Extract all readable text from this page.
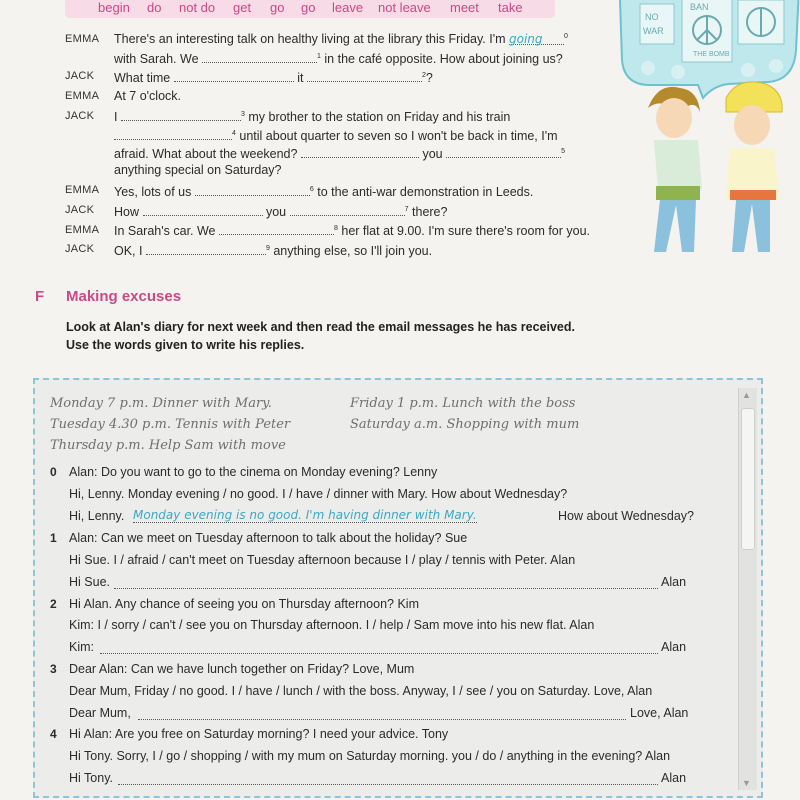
begin do not do get go go leave not leave meet take
EMMA There's an interesting talk on healthy living at the library this Friday. I'm going	$^0$
with Sarah. We	$^1$ in the café opposite. How about joining us?
JACK What time	it	$^2$?
EMMA At 7 o'clock.
JACK I	$^3$ my brother to the station on Friday and his train
$^4$ until about quarter to seven so I won't be back in time, I'm
afraid. What about the weekend?	you	$^5$
anything special on Saturday?
EMMA Yes, lots of us	$^6$ to the anti-war demonstration in Leeds.
JACK How	you	$^7$ there?
EMMA In Sarah's car. We	$^8$ her flat at 9.00. I'm sure there's room for you.
JACK OK, I	$^9$ anything else, so I'll join you.
NO
WAR
BAN
THE BOMB
F Making excuses
Look at Alan's diary for next week and then read the email messages he has received.
Use the words given to write his replies.
▲
▼
Monday 7 p.m. Dinner with Mary.
Tuesday 4.30 p.m. Tennis with Peter
Thursday p.m. Help Sam with move
Friday 1 p.m. Lunch with the boss
Saturday a.m. Shopping with mum
0 Alan: Do you want to go to the cinema on Monday evening? Lenny
Hi, Lenny. Monday evening / no good. I / have / dinner with Mary. How about Wednesday?
Hi, Lenny. Monday evening is no good. I'm having dinner with Mary.	How about Wednesday?
1 Alan: Can we meet on Tuesday afternoon to talk about the holiday? Sue
Hi Sue. I / afraid / can't meet on Tuesday afternoon because I / play / tennis with Peter. Alan
Hi Sue.	Alan
2 Hi Alan. Any chance of seeing you on Thursday afternoon? Kim
Kim: I / sorry / can't / see you on Thursday afternoon. I / help / Sam move into his new flat. Alan
Kim:	Alan
3 Dear Alan: Can we have lunch together on Friday? Love, Mum
Dear Mum, Friday / no good. I / have / lunch / with the boss. Anyway, I / see / you on Saturday. Love, Alan
Dear Mum,	Love, Alan
4 Hi Alan: Are you free on Saturday morning? I need your advice. Tony
Hi Tony. Sorry, I / go / shopping / with my mum on Saturday morning. you / do / anything in the evening? Alan
Hi Tony.	Alan
